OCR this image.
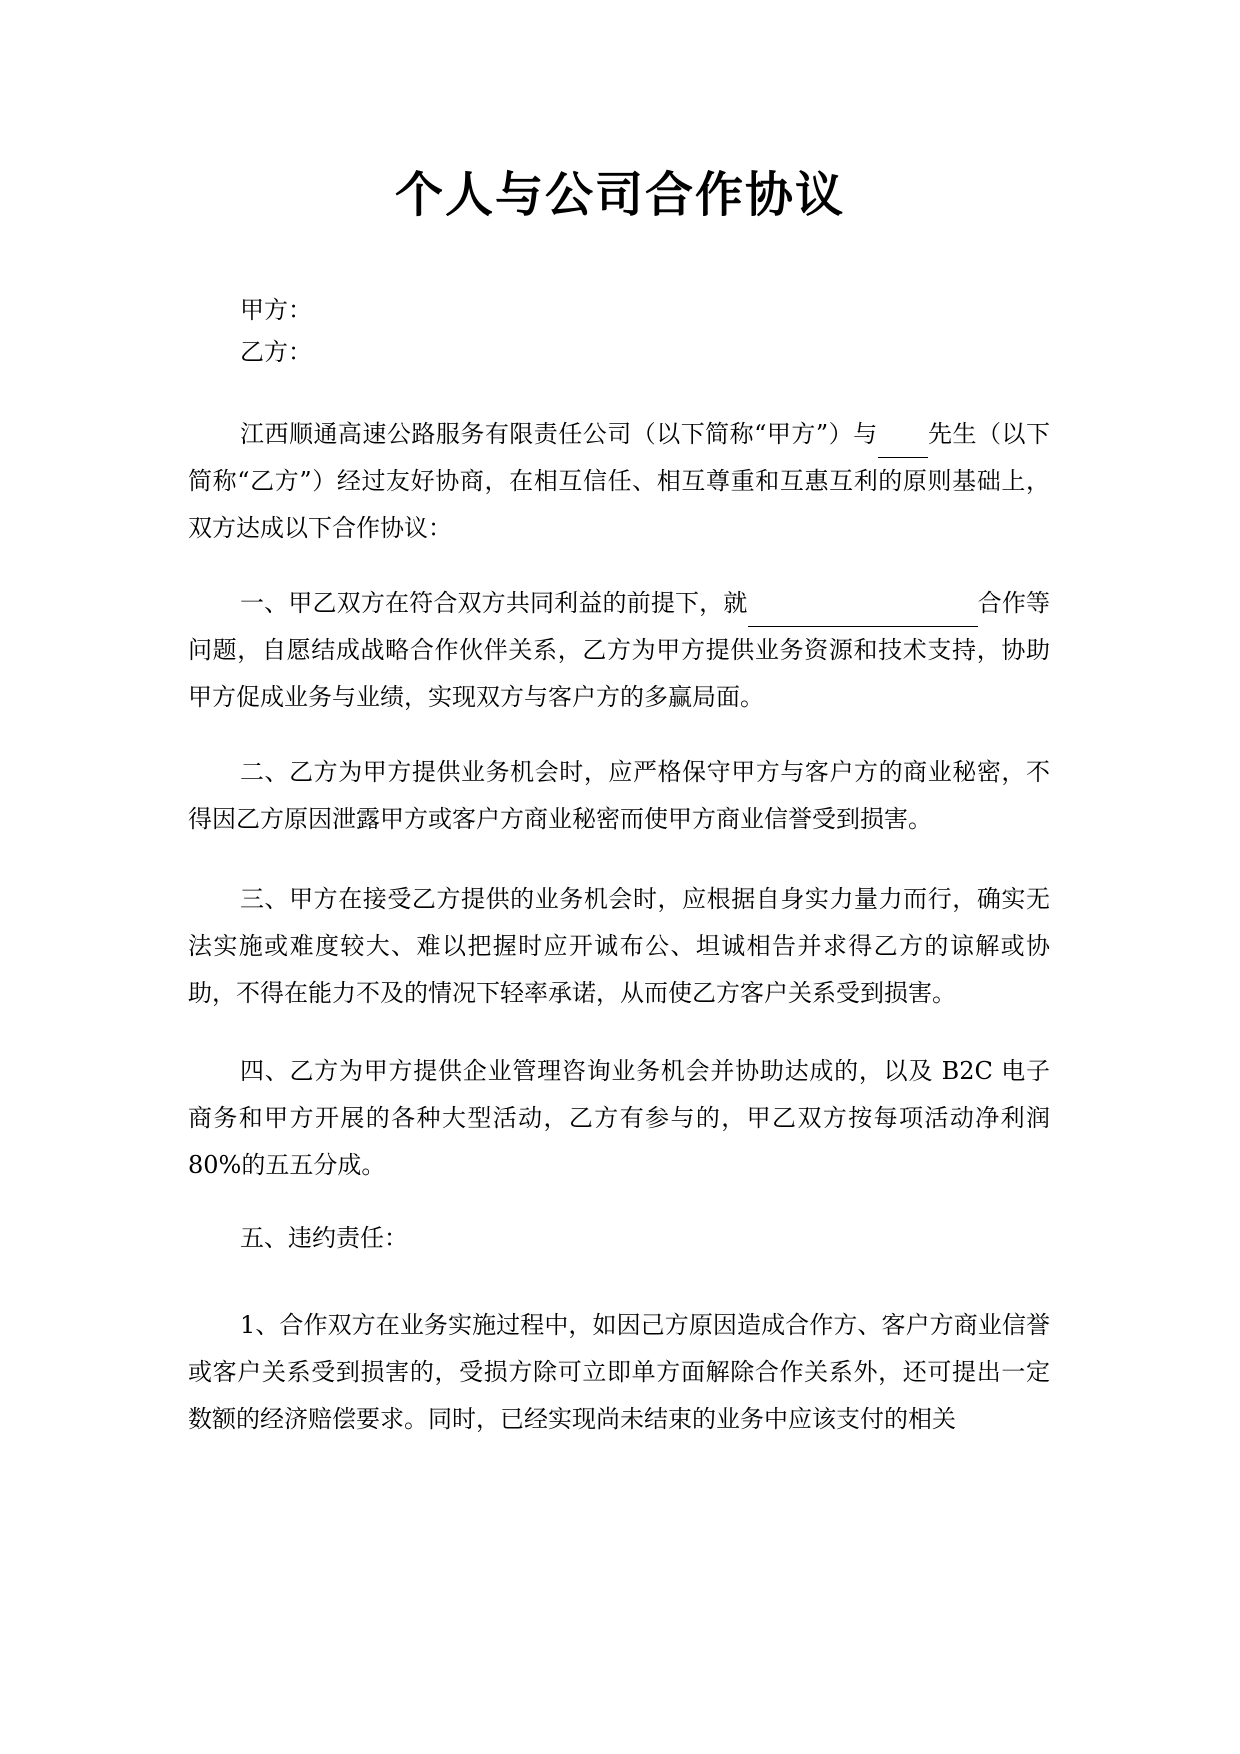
个人与公司合作协议

甲方：

乙方：

江西顺通高速公路服务有限责任公司（以下简称“甲方”）与 先生（以下简称“乙方”）经过友好协商，在相互信任、相互尊重和互惠互利的原则基础上，双方达成以下合作协议：

一、甲乙双方在符合双方共同利益的前提下，就	合作等问题，自愿结成战略合作伙伴关系，乙方为甲方提供业务资源和技术支持，协助甲方促成业务与业绩，实现双方与客户方的多赢局面。

二、乙方为甲方提供业务机会时，应严格保守甲方与客户方的商业秘密，不得因乙方原因泄露甲方或客户方商业秘密而使甲方商业信誉受到损害。

三、甲方在接受乙方提供的业务机会时，应根据自身实力量力而行，确实无法实施或难度较大、难以把握时应开诚布公、坦诚相告并求得乙方的谅解或协助，不得在能力不及的情况下轻率承诺，从而使乙方客户关系受到损害。

四、乙方为甲方提供企业管理咨询业务机会并协助达成的，以及 B2C 电子商务和甲方开展的各种大型活动，乙方有参与的，甲乙双方按每项活动净利润 80%的五五分成。

五、违约责任：

1、合作双方在业务实施过程中，如因己方原因造成合作方、客户方商业信誉或客户关系受到损害的，受损方除可立即单方面解除合作关系外，还可提出一定数额的经济赔偿要求。同时，已经实现尚未结束的业务中应该支付的相关
